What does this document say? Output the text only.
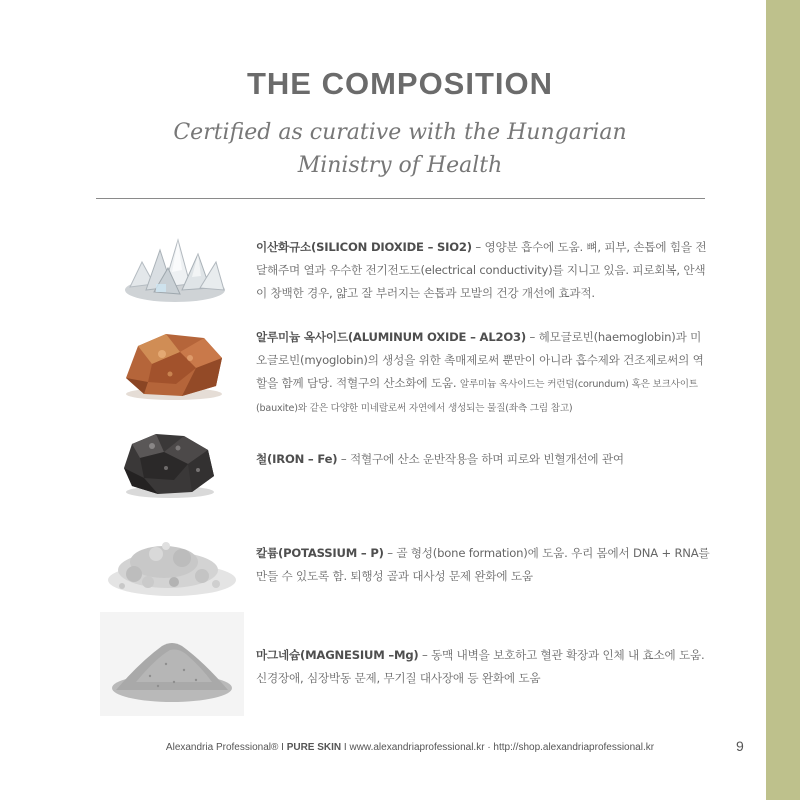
THE COMPOSITION

Certified as curative with the Hungarian
Ministry of Health

이산화규소(SILICON DIOXIDE – SIO2) – 영양분 흡수에 도움. 뼈, 피부, 손톱에 힘을 전달해주며 열과 우수한 전기전도도(electrical conductivity)를 지니고 있음. 피로회복, 안색이 창백한 경우, 얇고 잘 부러지는 손톱과 모발의 건강 개선에 효과적.

알루미늄 옥사이드(ALUMINUM OXIDE – AL2O3) – 헤모글로빈(haemoglobin)과 미오글로빈(myoglobin)의 생성을 위한 촉매제로써 뿐만이 아니라 흡수제와 건조제로써의 역할을 함께 담당. 적혈구의 산소화에 도움. 알루미늄 옥사이드는 커런덤(corundum) 혹은 보크사이트(bauxite)와 같은 다양한 미네랄로써 자연에서 생성되는 물질(좌측 그림 참고)

철(IRON – Fe) – 적혈구에 산소 운반작용을 하며 피로와 빈혈개선에 관여

칼륨(POTASSIUM – P) – 골 형성(bone formation)에 도움. 우리 몸에서 DNA + RNA를 만들 수 있도록 함. 퇴행성 골과 대사성 문제 완화에 도움

마그네슘(MAGNESIUM –Mg) – 동맥 내벽을 보호하고 혈관 확장과 인체 내 효소에 도움. 신경장애, 심장박동 문제, 무기질 대사장애 등 완화에 도움

Alexandria Professional® I PURE SKIN I www.alexandriaprofessional.kr · http://shop.alexandriaprofessional.kr	9
